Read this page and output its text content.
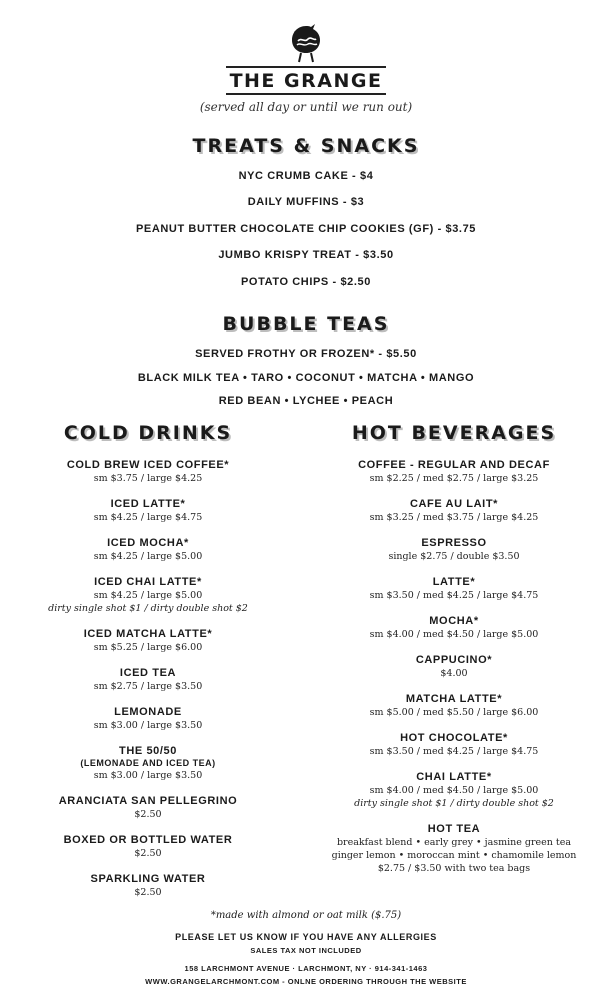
THE GRANGE
(served all day or until we run out)
TREATS & SNACKS
NYC CRUMB CAKE - $4
DAILY MUFFINS - $3
PEANUT BUTTER CHOCOLATE CHIP COOKIES (GF) - $3.75
JUMBO KRISPY TREAT - $3.50
POTATO CHIPS - $2.50
BUBBLE TEAS
SERVED FROTHY OR FROZEN* - $5.50
BLACK MILK TEA • TARO • COCONUT • MATCHA • MANGO
RED BEAN • LYCHEE • PEACH
COLD DRINKS
COLD BREW ICED COFFEE*
sm $3.75 / large $4.25
ICED LATTE*
sm $4.25 / large $4.75
ICED MOCHA*
sm $4.25 / large $5.00
ICED CHAI LATTE*
sm $4.25 / large $5.00
dirty single shot $1 / dirty double shot $2
ICED MATCHA LATTE*
sm $5.25 / large $6.00
ICED TEA
sm $2.75 / large $3.50
LEMONADE
sm $3.00 / large $3.50
THE 50/50
(LEMONADE AND ICED TEA)
sm $3.00 / large $3.50
ARANCIATA SAN PELLEGRINO
$2.50
BOXED OR BOTTLED WATER
$2.50
SPARKLING WATER
$2.50
HOT BEVERAGES
COFFEE - REGULAR AND DECAF
sm $2.25 / med $2.75 / large $3.25
CAFE AU LAIT*
sm $3.25 / med $3.75 / large $4.25
ESPRESSO
single $2.75 / double $3.50
LATTE*
sm $3.50 / med $4.25 / large $4.75
MOCHA*
sm $4.00 / med $4.50 / large $5.00
CAPPUCINO*
$4.00
MATCHA LATTE*
sm $5.00 / med $5.50 / large $6.00
HOT CHOCOLATE*
sm $3.50 / med $4.25 / large $4.75
CHAI LATTE*
sm $4.00 / med $4.50 / large $5.00
dirty single shot $1 / dirty double shot $2
HOT TEA
breakfast blend • early grey • jasmine green tea
ginger lemon • moroccan mint • chamomile lemon
$2.75 / $3.50 with two tea bags
*made with almond or oat milk ($.75)
PLEASE LET US KNOW IF YOU HAVE ANY ALLERGIES
SALES TAX NOT INCLUDED
158 LARCHMONT AVENUE · LARCHMONT, NY · 914-341-1463
WWW.GRANGELARCHMONT.COM - ONLNE ORDERING THROUGH THE WEBSITE
